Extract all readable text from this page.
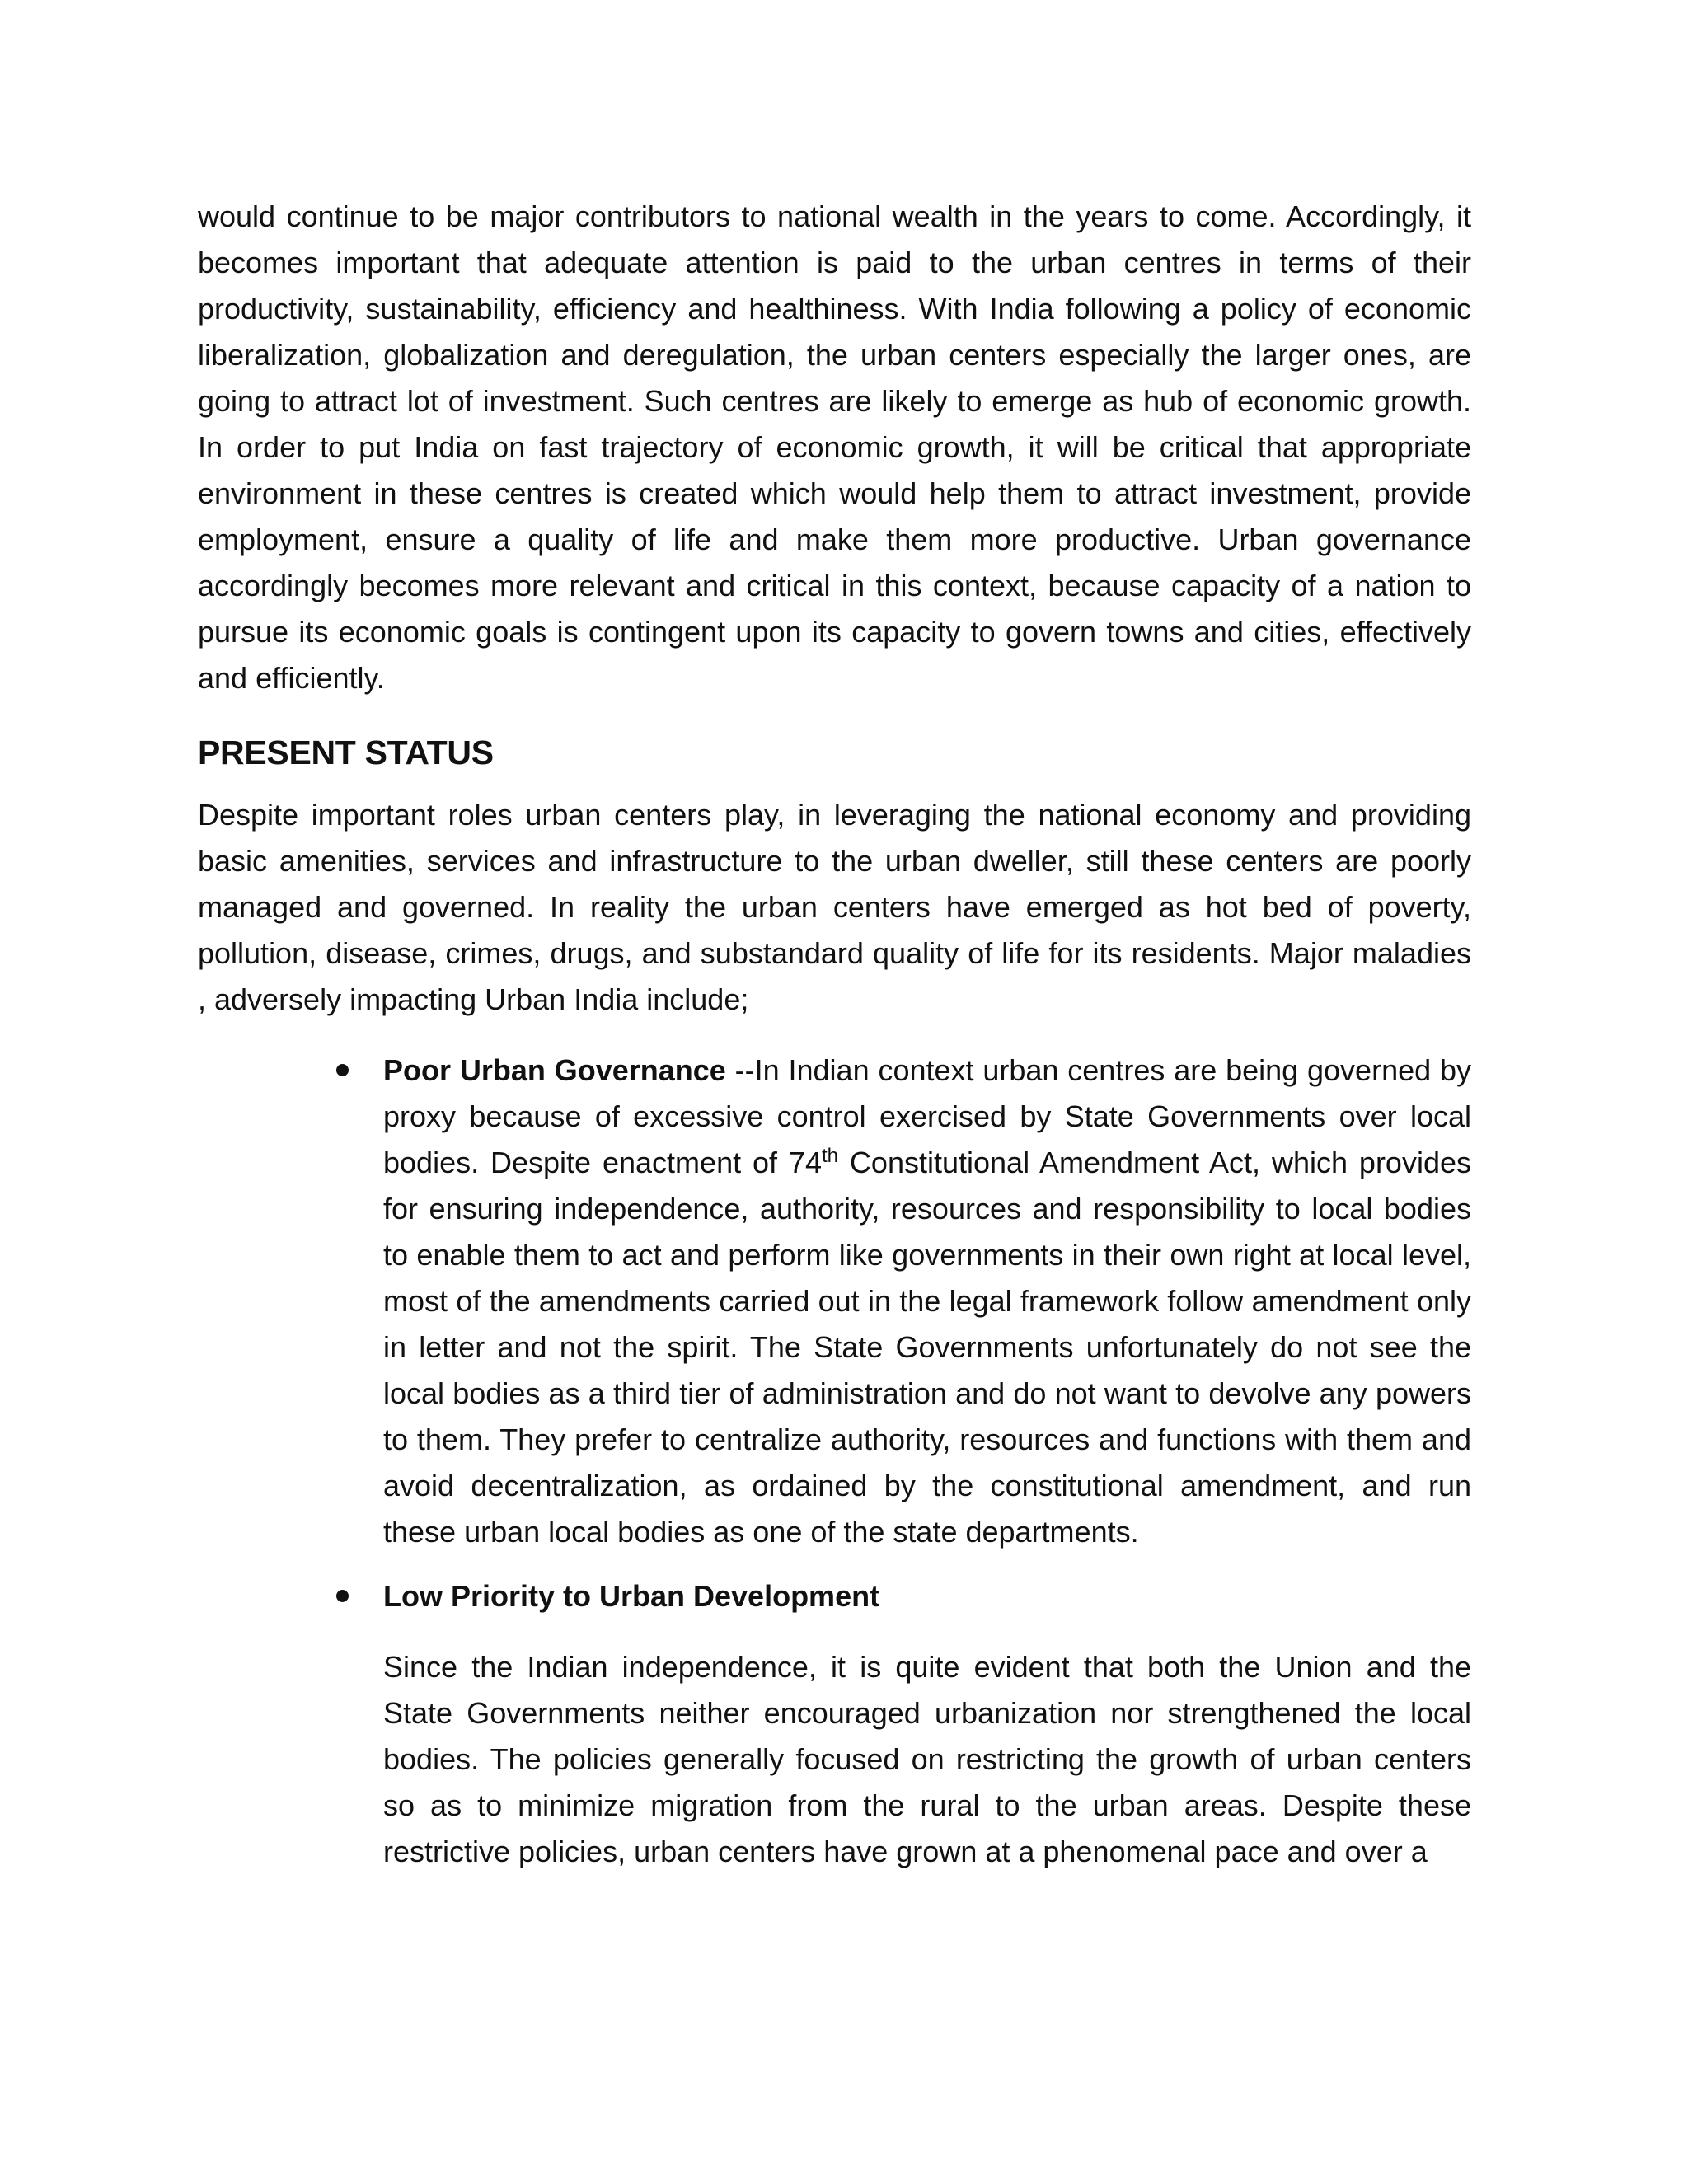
would continue to be major contributors to national wealth in the years to come. Accordingly, it becomes important that adequate attention is paid to the urban centres in terms of their productivity, sustainability, efficiency and healthiness. With India following a policy of economic liberalization, globalization and deregulation, the urban centers especially the larger ones, are going to attract lot of investment. Such centres are likely to emerge as hub of economic growth. In order to put India on fast trajectory of economic growth, it will be critical that appropriate environment in these centres is created which would help them to attract investment, provide employment, ensure a quality of life and make them more productive. Urban governance accordingly becomes more relevant and critical in this context, because capacity of a nation to pursue its economic goals is contingent upon its capacity to govern towns and cities, effectively and efficiently.

PRESENT STATUS

Despite important roles urban centers play, in leveraging the national economy and providing basic amenities, services and infrastructure to the urban dweller, still these centers are poorly managed and governed. In reality the urban centers have emerged as hot bed of poverty, pollution, disease, crimes, drugs, and substandard quality of life for its residents. Major maladies , adversely impacting Urban India include;

Poor Urban Governance --In Indian context urban centres are being governed by proxy because of excessive control exercised by State Governments over local bodies. Despite enactment of 74th Constitutional Amendment Act, which provides for ensuring independence, authority, resources and responsibility to local bodies to enable them to act and perform like governments in their own right at local level, most of the amendments carried out in the legal framework follow amendment only in letter and not the spirit. The State Governments unfortunately do not see the local bodies as a third tier of administration and do not want to devolve any powers to them. They prefer to centralize authority, resources and functions with them and avoid decentralization, as ordained by the constitutional amendment, and run these urban local bodies as one of the state departments.

Low Priority to Urban Development

Since the Indian independence, it is quite evident that both the Union and the State Governments neither encouraged urbanization nor strengthened the local bodies. The policies generally focused on restricting the growth of urban centers so as to minimize migration from the rural to the urban areas. Despite these restrictive policies, urban centers have grown at a phenomenal pace and over a
